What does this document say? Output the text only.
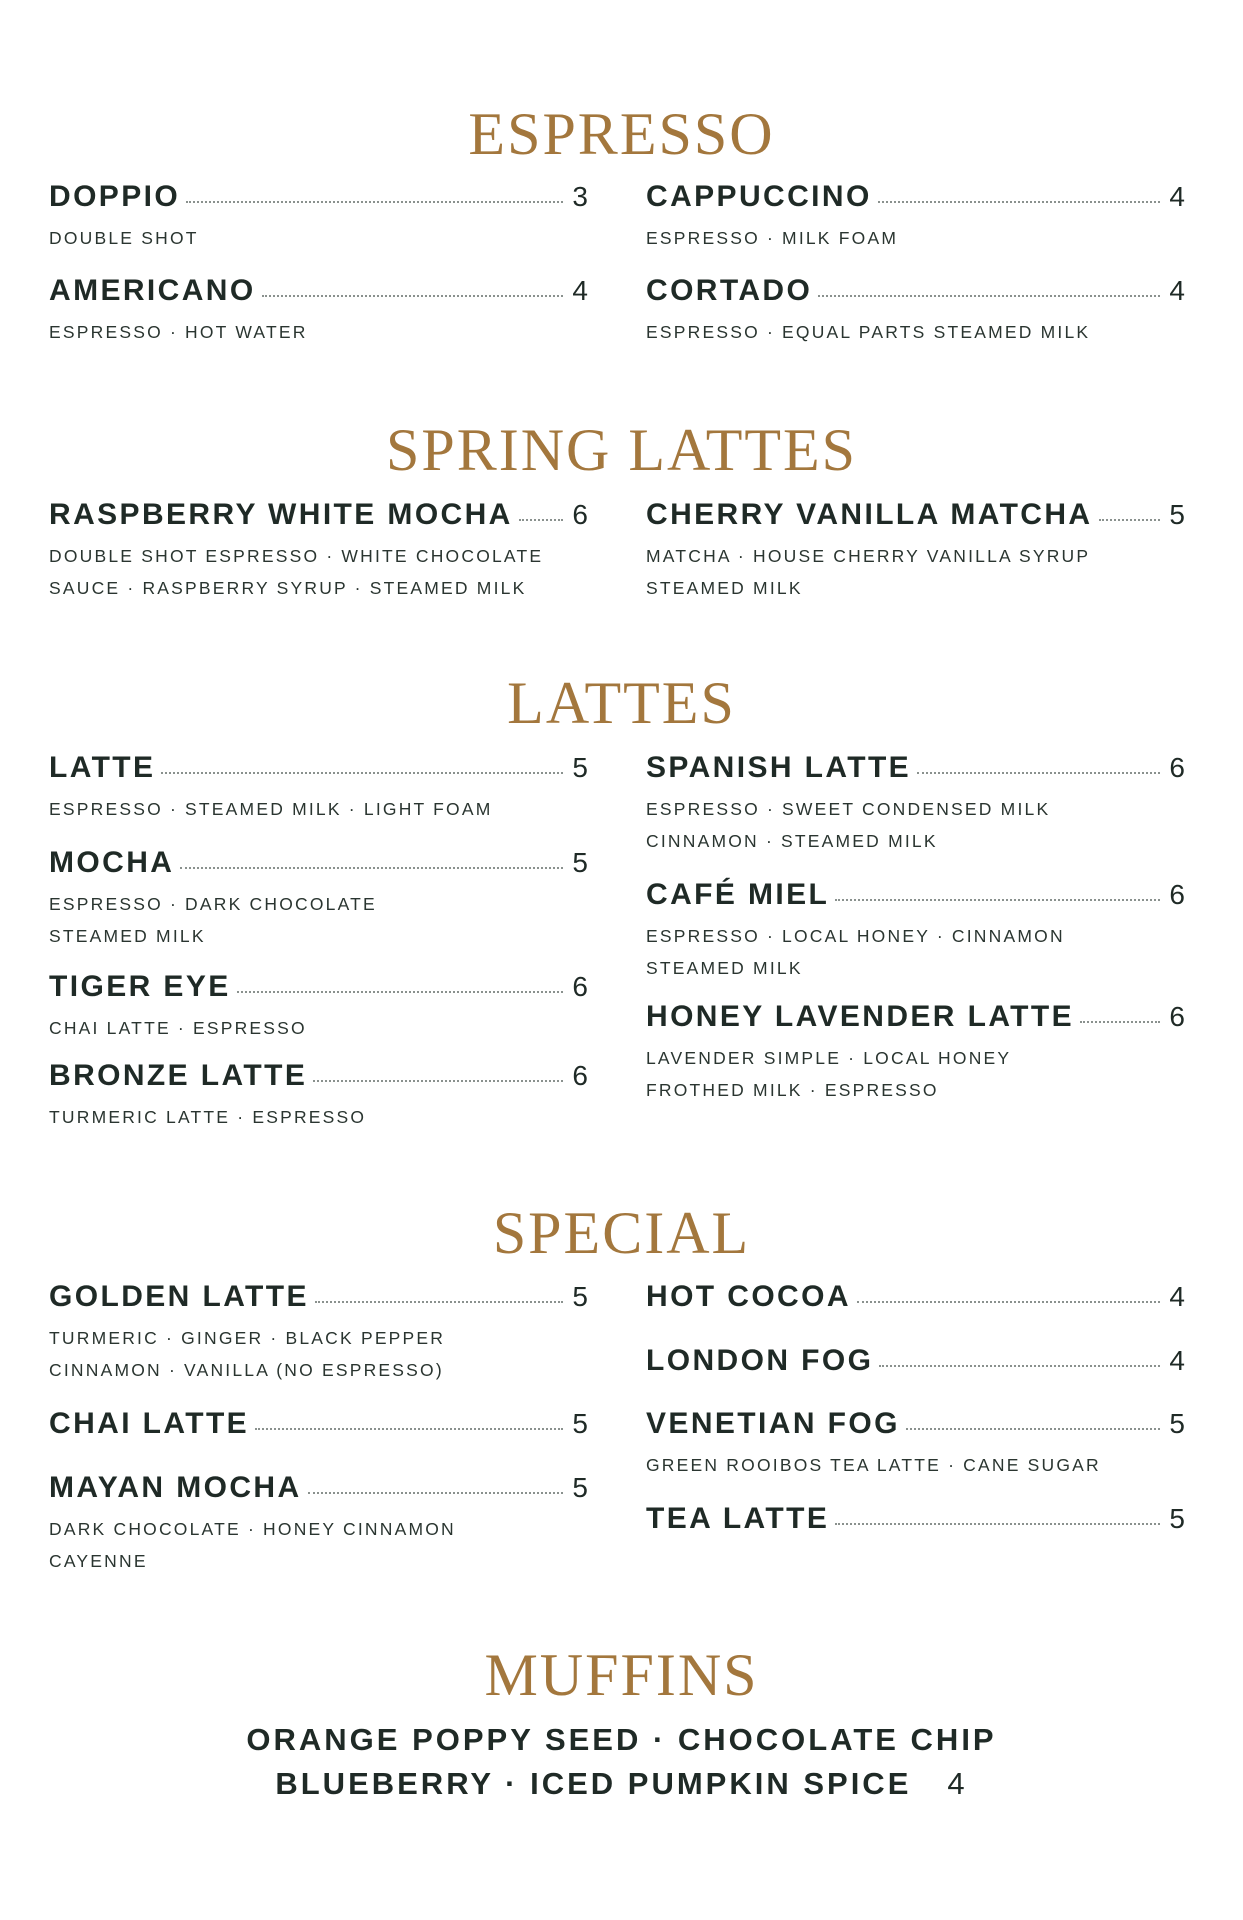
ESPRESSO
DOPPIO	3
DOUBLE SHOT
CAPPUCCINO	4
ESPRESSO · MILK FOAM
AMERICANO	4
ESPRESSO · HOT WATER
CORTADO	4
ESPRESSO · EQUAL PARTS STEAMED MILK
SPRING LATTES
RASPBERRY WHITE MOCHA 6
DOUBLE SHOT ESPRESSO · WHITE CHOCOLATE
SAUCE · RASPBERRY SYRUP · STEAMED MILK
CHERRY VANILLA MATCHA	5
MATCHA · HOUSE CHERRY VANILLA SYRUP
STEAMED MILK
LATTES
LATTE	5
ESPRESSO · STEAMED MILK · LIGHT FOAM
MOCHA	5
ESPRESSO · DARK CHOCOLATE
STEAMED MILK
TIGER EYE	6
CHAI LATTE · ESPRESSO
BRONZE LATTE	6
TURMERIC LATTE · ESPRESSO
SPANISH LATTE	6
ESPRESSO · SWEET CONDENSED MILK
CINNAMON · STEAMED MILK
CAFÉ MIEL	6
ESPRESSO · LOCAL HONEY · CINNAMON
STEAMED MILK
HONEY LAVENDER LATTE	6
LAVENDER SIMPLE · LOCAL HONEY
FROTHED MILK · ESPRESSO
SPECIAL
GOLDEN LATTE	5
TURMERIC · GINGER · BLACK PEPPER
CINNAMON · VANILLA (NO ESPRESSO)
CHAI LATTE	5
MAYAN MOCHA	5
DARK CHOCOLATE · HONEY CINNAMON
CAYENNE
HOT COCOA	4
LONDON FOG	4
VENETIAN FOG	5
GREEN ROOIBOS TEA LATTE · CANE SUGAR
TEA LATTE	5
MUFFINS
ORANGE POPPY SEED · CHOCOLATE CHIP
BLUEBERRY · ICED PUMPKIN SPICE 4
